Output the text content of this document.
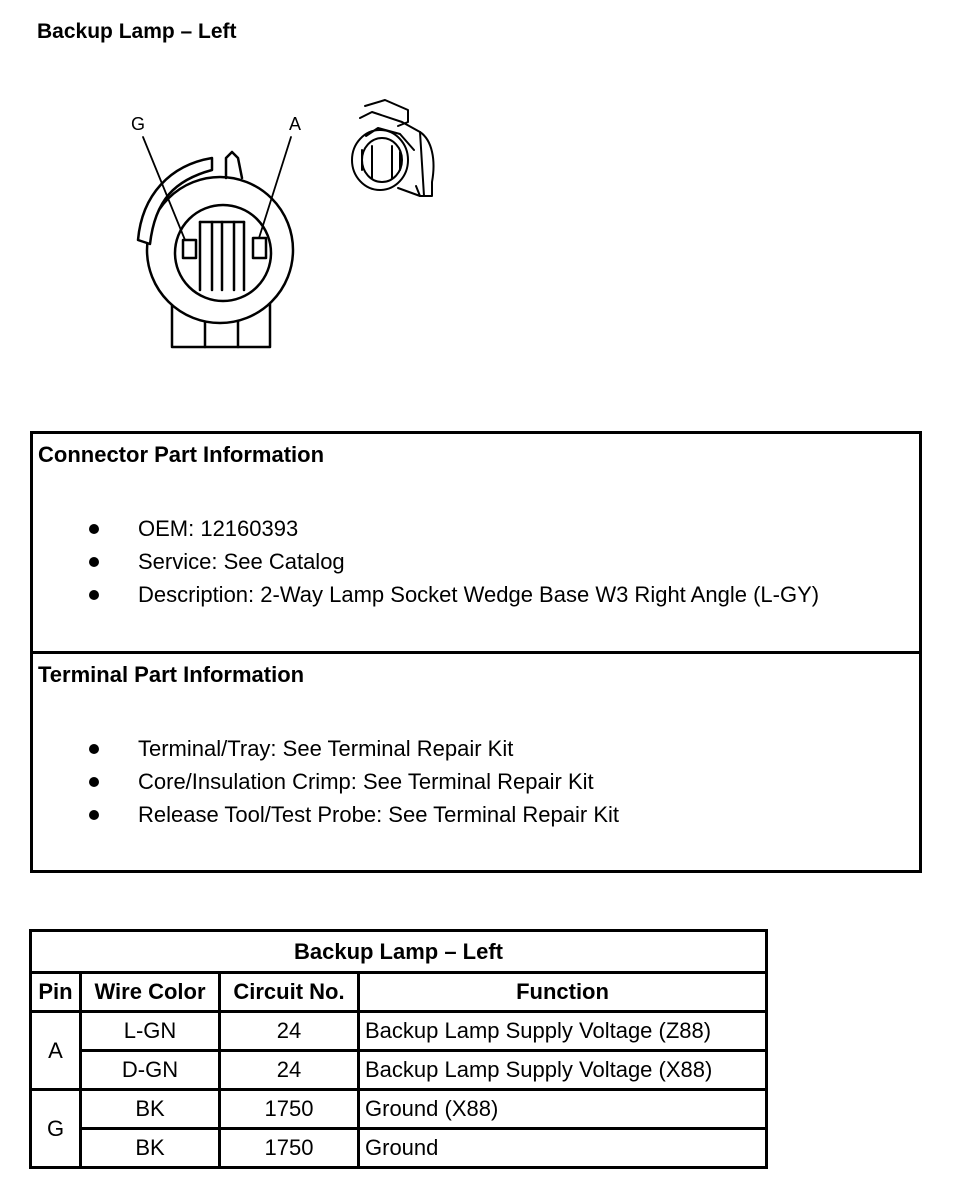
Backup Lamp – Left
G	A
Connector Part Information
OEM: 12160393
Service: See Catalog
Description: 2-Way Lamp Socket Wedge Base W3 Right Angle (L-GY)
Terminal Part Information
Terminal/Tray: See Terminal Repair Kit
Core/Insulation Crimp: See Terminal Repair Kit
Release Tool/Test Probe: See Terminal Repair Kit
Backup Lamp – Left			
Pin	Wire Color	Circuit No.	Function
A	L-GN	24	Backup Lamp Supply Voltage (Z88)
	D-GN	24	Backup Lamp Supply Voltage (X88)
G	BK	1750	Ground (X88)
	BK	1750	Ground
